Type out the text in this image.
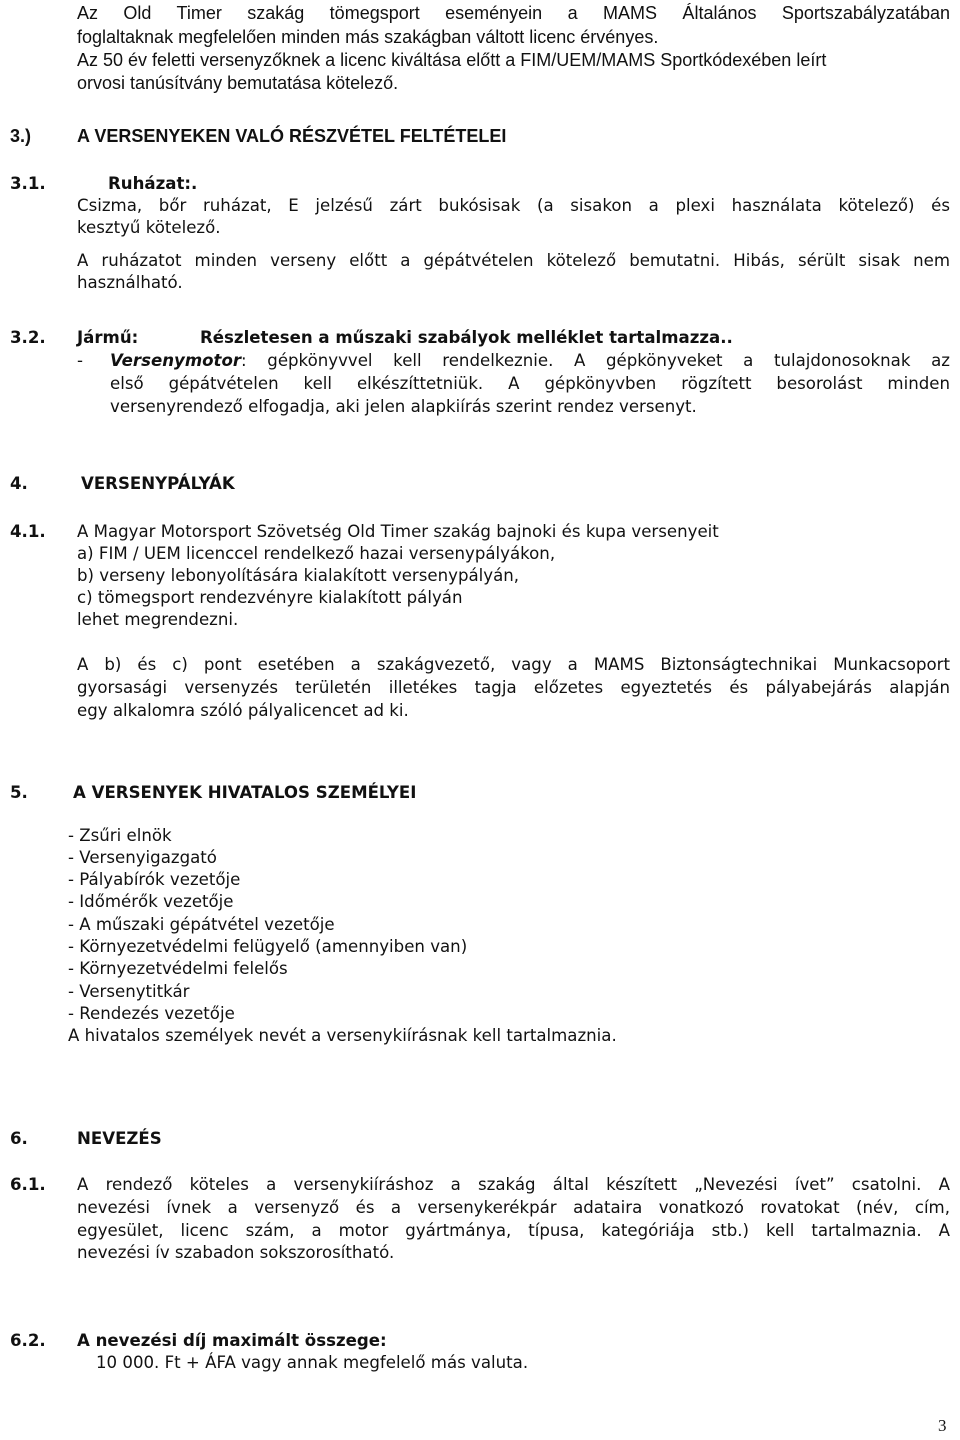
Az Old Timer szakág tömegsport eseményein a MAMS Általános Sportszabályzatában
foglaltaknak megfelelően minden más szakágban váltott licenc érvényes.
Az 50 év feletti versenyzőknek a licenc kiváltása előtt a FIM/UEM/MAMS Sportkódexében leírt
orvosi tanúsítvány bemutatása kötelező.
3.)	A VERSENYEKEN VALÓ RÉSZVÉTEL FELTÉTELEI
3.1.	Ruházat:.
Csizma, bőr ruházat, E jelzésű zárt bukósisak (a sisakon a plexi használata kötelező) és
kesztyű kötelező.
A ruházatot minden verseny előtt a gépátvételen kötelező bemutatni. Hibás, sérült sisak nem
használható.
3.2. Jármű:	Részletesen a műszaki szabályok melléklet tartalmazza..
- Versenymotor: gépkönyvvel kell rendelkeznie. A gépkönyveket a tulajdonosoknak az
első gépátvételen kell elkészíttetniük. A gépkönyvben rögzített besorolást minden
versenyrendező elfogadja, aki jelen alapkiírás szerint rendez versenyt.
4.	VERSENYPÁLYÁK
4.1. A Magyar Motorsport Szövetség Old Timer szakág bajnoki és kupa versenyeit
a) FIM / UEM licenccel rendelkező hazai versenypályákon,
b) verseny lebonyolítására kialakított versenypályán,
c) tömegsport rendezvényre kialakított pályán
lehet megrendezni.
A b) és c) pont esetében a szakágvezető, vagy a MAMS Biztonságtechnikai Munkacsoport
gyorsasági versenyzés területén illetékes tagja előzetes egyeztetés és pályabejárás alapján
egy alkalomra szóló pályalicencet ad ki.
5.	A VERSENYEK HIVATALOS SZEMÉLYEI
- Zsűri elnök
- Versenyigazgató
- Pályabírók vezetője
- Időmérők vezetője
- A műszaki gépátvétel vezetője
- Környezetvédelmi felügyelő (amennyiben van)
- Környezetvédelmi felelős
- Versenytitkár
- Rendezés vezetője
A hivatalos személyek nevét a versenykiírásnak kell tartalmaznia.
6.	NEVEZÉS
6.1. A rendező köteles a versenykiíráshoz a szakág által készített „Nevezési ívet” csatolni. A
nevezési ívnek a versenyző és a versenykerékpár adataira vonatkozó rovatokat (név, cím,
egyesület, licenc szám, a motor gyártmánya, típusa, kategóriája stb.) kell tartalmaznia. A
nevezési ív szabadon sokszorosítható.
6.2. A nevezési díj maximált összege:
10 000. Ft + ÁFA vagy annak megfelelő más valuta.
3
